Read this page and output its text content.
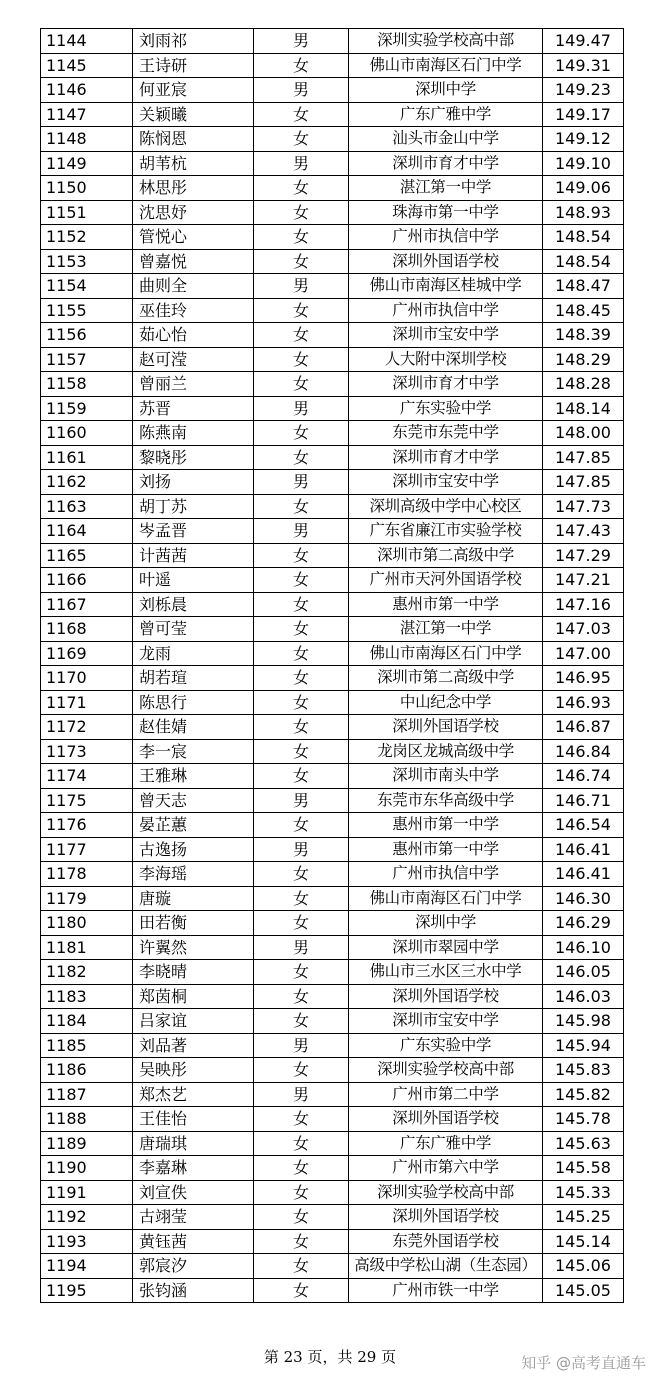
1144	刘雨祁	男	深圳实验学校高中部	149.47
1145	王诗研	女	佛山市南海区石门中学	149.31
1146	何亚宸	男	深圳中学	149.23
1147	关颖曦	女	广东广雅中学	149.17
1148	陈悯恩	女	汕头市金山中学	149.12
1149	胡苇杭	男	深圳市育才中学	149.10
1150	林思彤	女	湛江第一中学	149.06
1151	沈思妤	女	珠海市第一中学	148.93
1152	管悦心	女	广州市执信中学	148.54
1153	曾嘉悦	女	深圳外国语学校	148.54
1154	曲则全	男	佛山市南海区桂城中学	148.47
1155	巫佳玲	女	广州市执信中学	148.45
1156	茹心怡	女	深圳市宝安中学	148.39
1157	赵可滢	女	人大附中深圳学校	148.29
1158	曾丽兰	女	深圳市育才中学	148.28
1159	苏晋	男	广东实验中学	148.14
1160	陈燕南	女	东莞市东莞中学	148.00
1161	黎晓彤	女	深圳市育才中学	147.85
1162	刘扬	男	深圳市宝安中学	147.85
1163	胡丁苏	女	深圳高级中学中心校区	147.73
1164	岑孟晋	男	广东省廉江市实验学校	147.43
1165	计茜茜	女	深圳市第二高级中学	147.29
1166	叶遥	女	广州市天河外国语学校	147.21
1167	刘栎晨	女	惠州市第一中学	147.16
1168	曾可莹	女	湛江第一中学	147.03
1169	龙雨	女	佛山市南海区石门中学	147.00
1170	胡若瑄	女	深圳市第二高级中学	146.95
1171	陈思行	女	中山纪念中学	146.93
1172	赵佳婧	女	深圳外国语学校	146.87
1173	李一宸	女	龙岗区龙城高级中学	146.84
1174	王雅琳	女	深圳市南头中学	146.74
1175	曾天志	男	东莞市东华高级中学	146.71
1176	晏芷蕙	女	惠州市第一中学	146.54
1177	古逸扬	男	惠州市第一中学	146.41
1178	李海瑶	女	广州市执信中学	146.41
1179	唐璇	女	佛山市南海区石门中学	146.30
1180	田若衡	女	深圳中学	146.29
1181	许翼然	男	深圳市翠园中学	146.10
1182	李晓晴	女	佛山市三水区三水中学	146.05
1183	郑茵桐	女	深圳外国语学校	146.03
1184	吕家谊	女	深圳市宝安中学	145.98
1185	刘品著	男	广东实验中学	145.94
1186	吴映彤	女	深圳实验学校高中部	145.83
1187	郑杰艺	男	广州市第二中学	145.82
1188	王佳怡	女	深圳外国语学校	145.78
1189	唐瑞琪	女	广东广雅中学	145.63
1190	李嘉琳	女	广州市第六中学	145.58
1191	刘宣佚	女	深圳实验学校高中部	145.33
1192	古翊莹	女	深圳外国语学校	145.25
1193	黄钰茜	女	东莞外国语学校	145.14
1194	郭宸汐	女	高级中学松山湖（生态园）	145.06
1195	张钧涵	女	广州市铁一中学	145.05
第 23 页，共 29 页	知乎 @高考直通车
